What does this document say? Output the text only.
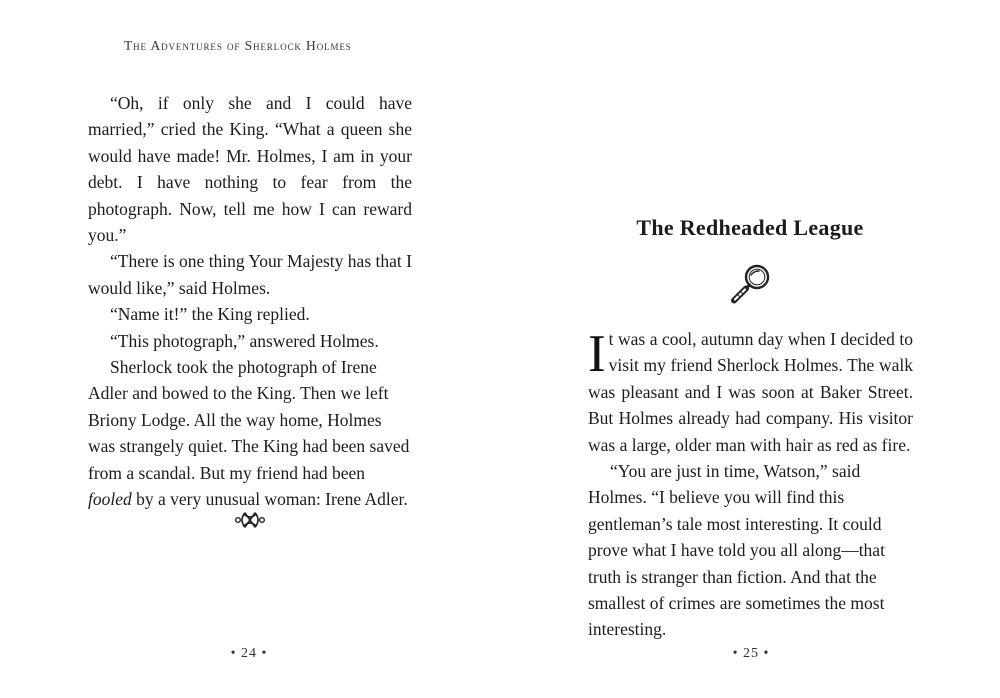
The Adventures of Sherlock Holmes

“Oh, if only she and I could have married,” cried the King. “What a queen she would have made! Mr. Holmes, I am in your debt. I have nothing to fear from the photograph. Now, tell me how I can reward you.”

“There is one thing Your Majesty has that I would like,” said Holmes.

“Name it!” the King replied.

“This photograph,” answered Holmes.

Sherlock took the photograph of Irene Adler and bowed to the King. Then we left Briony Lodge. All the way home, Holmes was strangely quiet. The King had been saved from a scandal. But my friend had been fooled by a very unusual woman: Irene Adler.

• 24 •
The Redheaded League

It was a cool, autumn day when I decided to visit my friend Sherlock Holmes. The walk was pleasant and I was soon at Baker Street. But Holmes already had company. His visitor was a large, older man with hair as red as fire.

“You are just in time, Watson,” said Holmes. “I believe you will find this gentleman’s tale most interesting. It could prove what I have told you all along—that truth is stranger than fiction. And that the smallest of crimes are sometimes the most interesting.

• 25 •
